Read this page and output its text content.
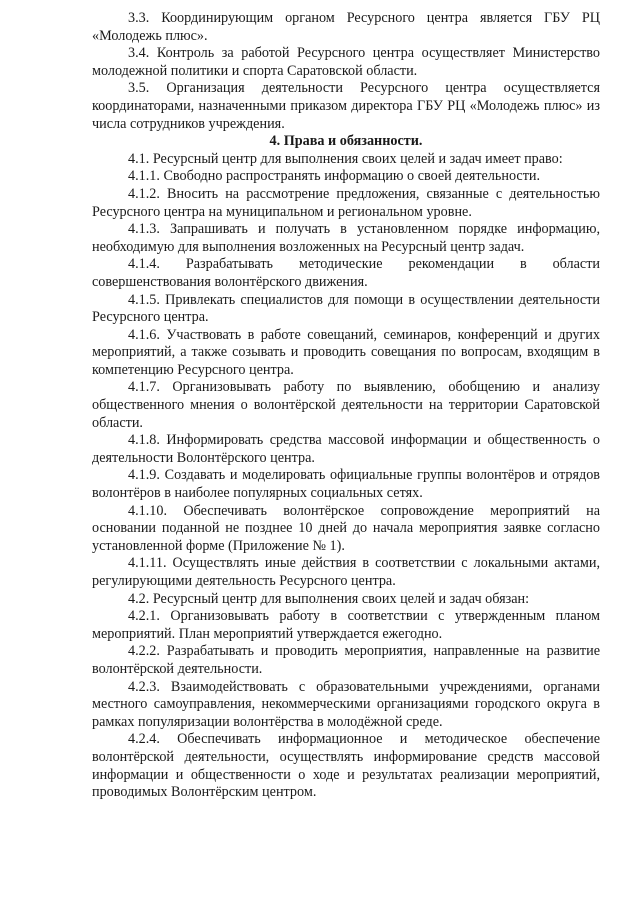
3.3. Координирующим органом Ресурсного центра является ГБУ РЦ «Молодежь плюс».

3.4. Контроль за работой Ресурсного центра осуществляет Министерство молодежной политики и спорта Саратовской области.

3.5. Организация деятельности Ресурсного центра осуществляется координаторами, назначенными приказом директора ГБУ РЦ «Молодежь плюс» из числа сотрудников учреждения.

4. Права и обязанности.

4.1. Ресурсный центр для выполнения своих целей и задач имеет право:

4.1.1. Свободно распространять информацию о своей деятельности.

4.1.2. Вносить на рассмотрение предложения, связанные с деятельностью Ресурсного центра на муниципальном и региональном уровне.

4.1.3. Запрашивать и получать в установленном порядке информацию, необходимую для выполнения возложенных на Ресурсный центр задач.

4.1.4. Разрабатывать методические рекомендации в области совершенствования волонтёрского движения.

4.1.5. Привлекать специалистов для помощи в осуществлении деятельности Ресурсного центра.

4.1.6. Участвовать в работе совещаний, семинаров, конференций и других мероприятий, а также созывать и проводить совещания по вопросам, входящим в компетенцию Ресурсного центра.

4.1.7. Организовывать работу по выявлению, обобщению и анализу общественного мнения о волонтёрской деятельности на территории Саратовской области.

4.1.8. Информировать средства массовой информации и общественность о деятельности Волонтёрского центра.

4.1.9. Создавать и моделировать официальные группы волонтёров и отрядов волонтёров в наиболее популярных социальных сетях.

4.1.10. Обеспечивать волонтёрское сопровождение мероприятий на основании поданной не позднее 10 дней до начала мероприятия заявке согласно установленной форме (Приложение № 1).

4.1.11. Осуществлять иные действия в соответствии с локальными актами, регулирующими деятельность Ресурсного центра.

4.2. Ресурсный центр для выполнения своих целей и задач обязан:

4.2.1. Организовывать работу в соответствии с утвержденным планом мероприятий. План мероприятий утверждается ежегодно.

4.2.2. Разрабатывать и проводить мероприятия, направленные на развитие волонтёрской деятельности.

4.2.3. Взаимодействовать с образовательными учреждениями, органами местного самоуправления, некоммерческими организациями городского округа в рамках популяризации волонтёрства в молодёжной среде.

4.2.4. Обеспечивать информационное и методическое обеспечение волонтёрской деятельности, осуществлять информирование средств массовой информации и общественности о ходе и результатах реализации мероприятий, проводимых Волонтёрским центром.
